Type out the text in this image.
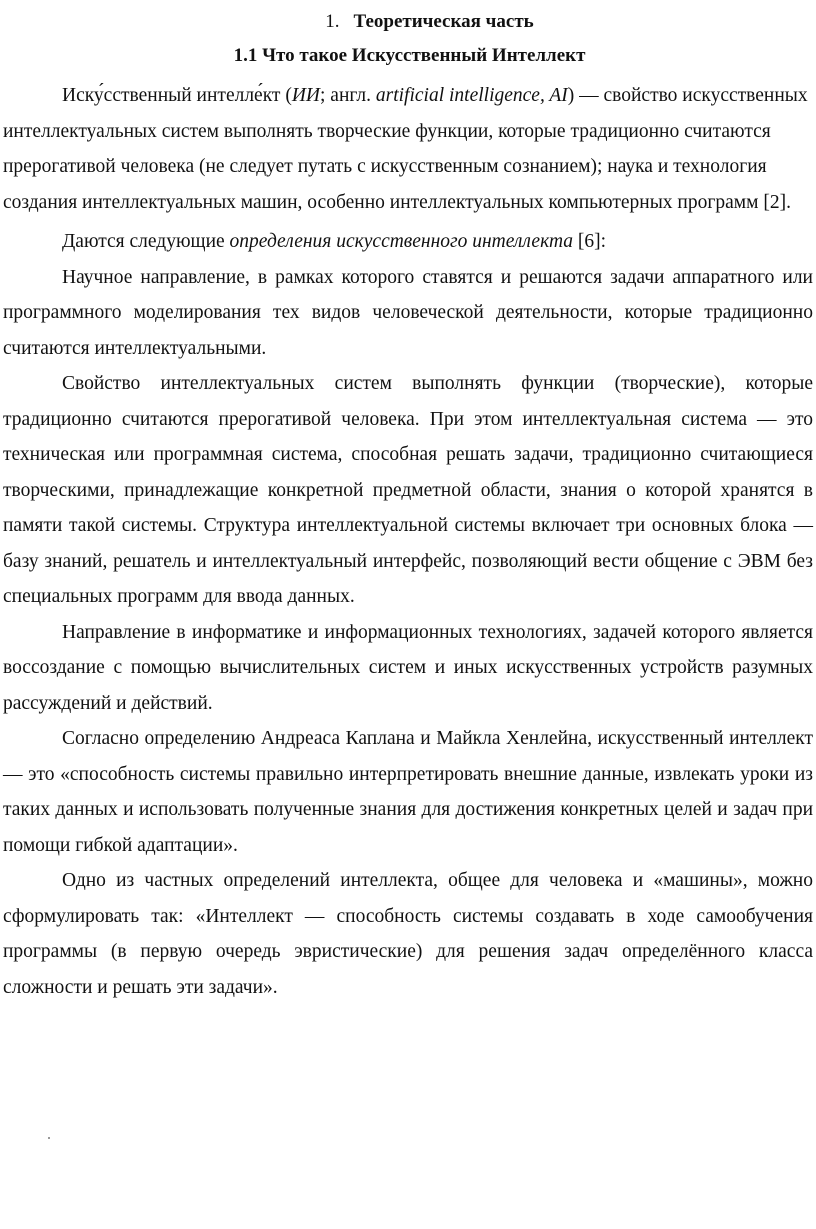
1. Теоретическая часть
1.1 Что такое Искусственный Интеллект

Иску́сственный интелле́кт (ИИ; англ. artificial intelligence, AI) — свойство искусственных интеллектуальных систем выполнять творческие функции, которые традиционно считаются прерогативой человека (не следует путать с искусственным сознанием); наука и технология создания интеллектуальных машин, особенно интеллектуальных компьютерных программ [2].

Даются следующие определения искусственного интеллекта [6]:

Научное направление, в рамках которого ставятся и решаются задачи аппаратного или программного моделирования тех видов человеческой деятельности, которые традиционно считаются интеллектуальными.

Свойство интеллектуальных систем выполнять функции (творческие), которые традиционно считаются прерогативой человека. При этом интеллектуальная система — это техническая или программная система, способная решать задачи, традиционно считающиеся творческими, принадлежащие конкретной предметной области, знания о которой хранятся в памяти такой системы. Структура интеллектуальной системы включает три основных блока — базу знаний, решатель и интеллектуальный интерфейс, позволяющий вести общение с ЭВМ без специальных программ для ввода данных.

Направление в информатике и информационных технологиях, задачей которого является воссоздание с помощью вычислительных систем и иных искусственных устройств разумных рассуждений и действий.

Согласно определению Андреаса Каплана и Майкла Хенлейна, искусственный интеллект — это «способность системы правильно интерпретировать внешние данные, извлекать уроки из таких данных и использовать полученные знания для достижения конкретных целей и задач при помощи гибкой адаптации».

Одно из частных определений интеллекта, общее для человека и «машины», можно сформулировать так: «Интеллект — способность системы создавать в ходе самообучения программы (в первую очередь эвристические) для решения задач определённого класса сложности и решать эти задачи».
